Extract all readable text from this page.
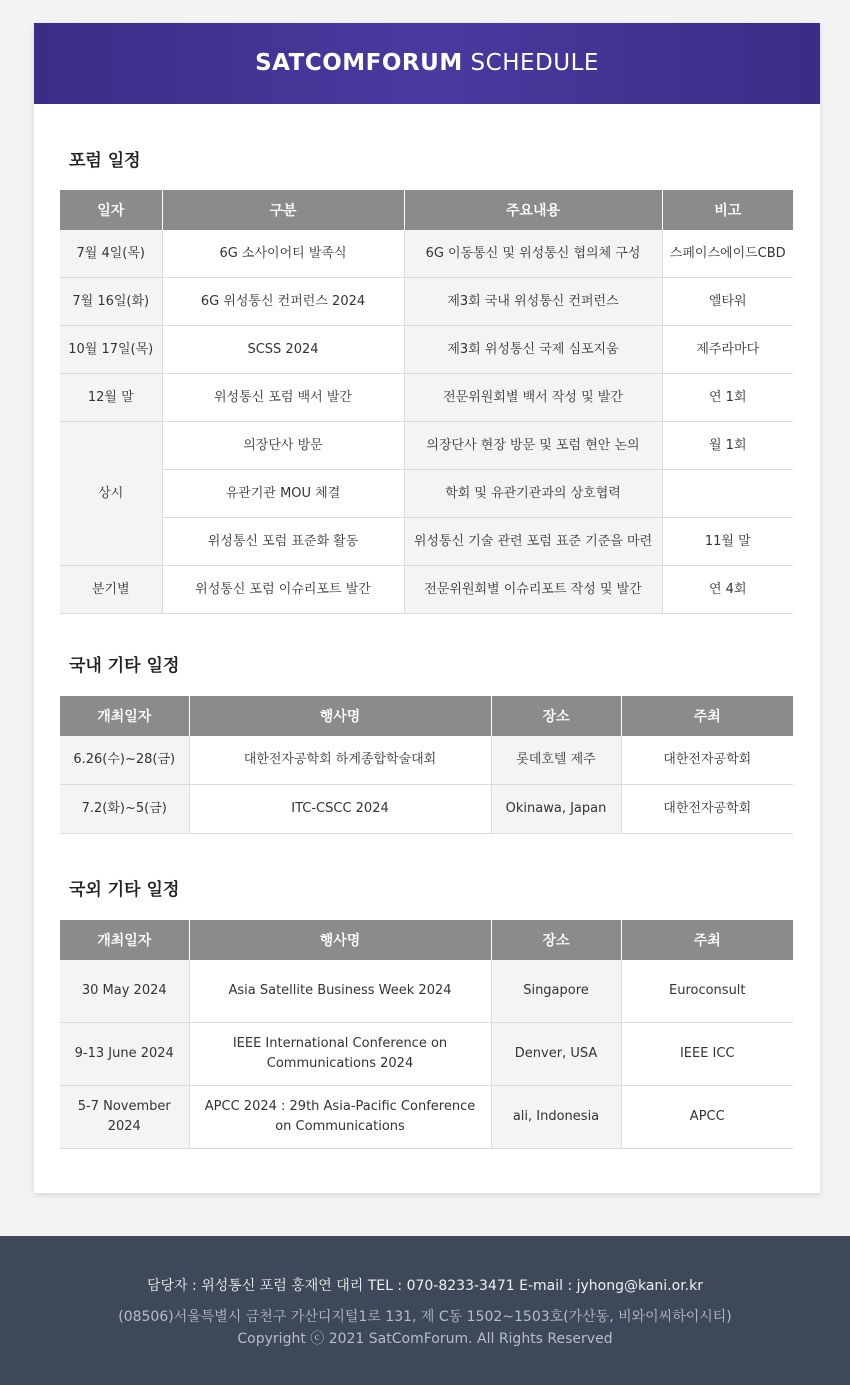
SATCOMFORUM SCHEDULE
포럼 일정
일자	구분	주요내용	비고
7월 4일(목)	6G 소사이어티 발족식	6G 이동통신 및 위성통신 협의체 구성	스페이스에이드CBD
7월 16일(화)	6G 위성통신 컨퍼런스 2024	제3회 국내 위성통신 컨퍼런스	엘타워
10월 17일(목)	SCSS 2024	제3회 위성통신 국제 심포지움	제주라마다
12월 말	위성통신 포럼 백서 발간	전문위원회별 백서 작성 및 발간	연 1회
상시	의장단사 방문	의장단사 현장 방문 및 포럼 현안 논의	월 1회
	유관기관 MOU 체결	학회 및 유관기관과의 상호협력	
	위성통신 포럼 표준화 활동	위성통신 기술 관련 포럼 표준 기준을 마련	11월 말
분기별	위성통신 포럼 이슈리포트 발간	전문위원회별 이슈리포트 작성 및 발간	연 4회
국내 기타 일정
개최일자	행사명	장소	주최
6.26(수)~28(금)	대한전자공학회 하계종합학술대회	롯데호텔 제주	대한전자공학회
7.2(화)~5(금)	ITC-CSCC 2024	Okinawa, Japan	대한전자공학회
국외 기타 일정
개최일자	행사명	장소	주최
30 May 2024	Asia Satellite Business Week 2024	Singapore	Euroconsult
9-13 June 2024	IEEE International Conference on Communications 2024	Denver, USA	IEEE ICC
5-7 November 2024	APCC 2024 : 29th Asia-Pacific Conference on Communications	ali, Indonesia	APCC
담당자 : 위성통신 포럼 홍재연 대리 TEL : 070-8233-3471 E-mail : jyhong@kani.or.kr
(08506)서울특별시 금천구 가산디지털1로 131, 제 C동 1502~1503호(가산동, 비와이씨하이시티)
Copyright ⓒ 2021 SatComForum. All Rights Reserved
